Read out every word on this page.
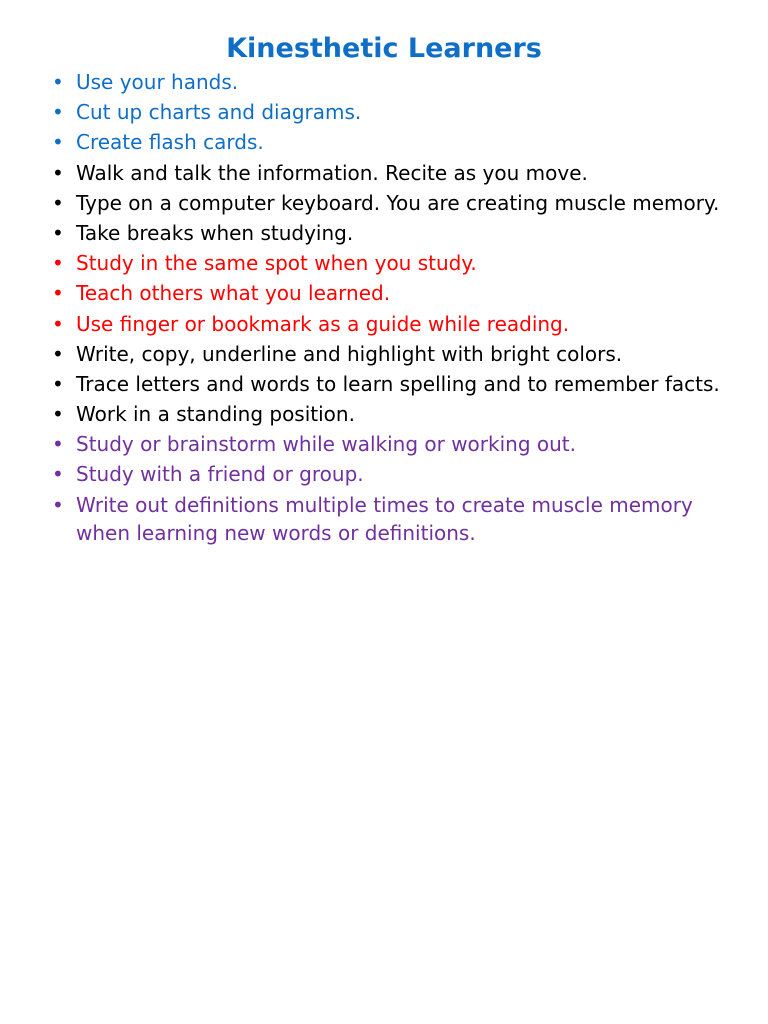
Kinesthetic Learners
• Use your hands.
• Cut up charts and diagrams.
• Create flash cards.
• Walk and talk the information. Recite as you move.
• Type on a computer keyboard. You are creating muscle memory.
• Take breaks when studying.
• Study in the same spot when you study.
• Teach others what you learned.
• Use finger or bookmark as a guide while reading.
• Write, copy, underline and highlight with bright colors.
• Trace letters and words to learn spelling and to remember facts.
• Work in a standing position.
• Study or brainstorm while walking or working out.
• Study with a friend or group.
• Write out definitions multiple times to create muscle memory when learning new words or definitions.
